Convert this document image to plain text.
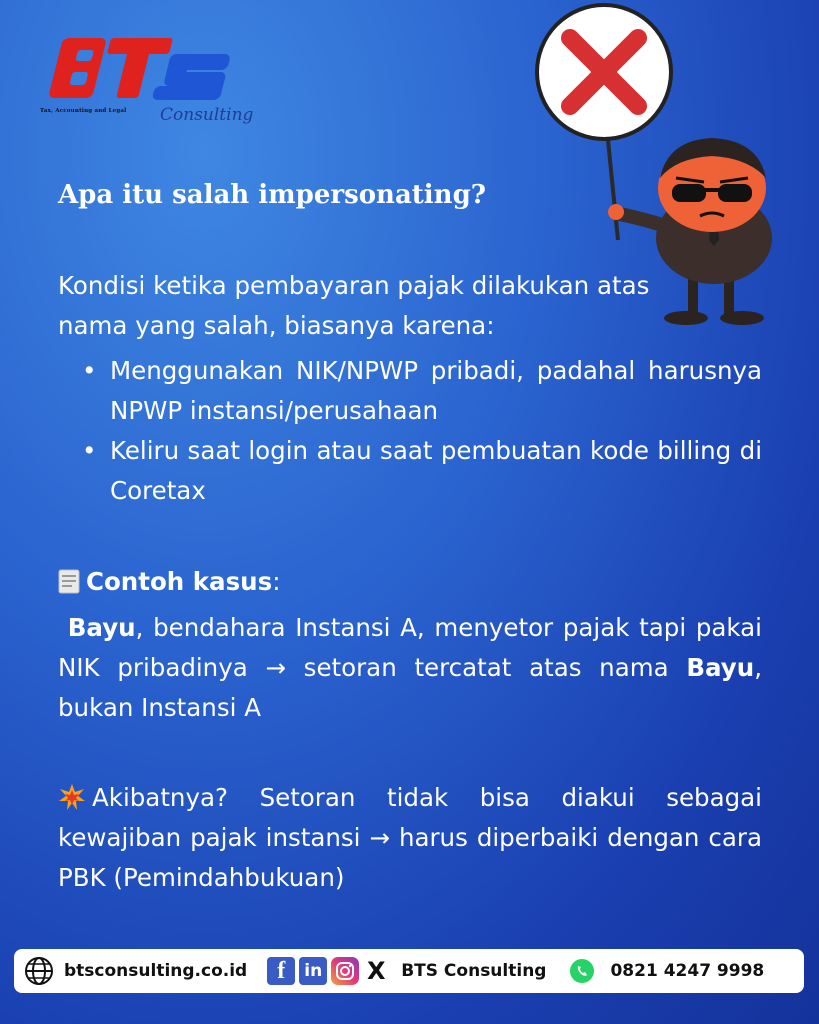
Consulting
Tax, Accounting and Legal
Apa itu salah impersonating?

Kondisi ketika pembayaran pajak dilakukan atas
nama yang salah, biasanya karena:

• Menggunakan NIK/NPWP pribadi, padahal harusnya NPWP instansi/perusahaan
• Keliru saat login atau saat pembuatan kode billing di Coretax

Contoh kasus:

Bayu, bendahara Instansi A, menyetor pajak tapi pakai NIK pribadinya → setoran tercatat atas nama Bayu, bukan Instansi A

Akibatnya? Setoran tidak bisa diakui sebagai kewajiban pajak instansi → harus diperbaiki dengan cara PBK (Pemindahbukuan)

btsconsulting.co.id	f	in X BTS Consulting	0821 4247 9998
